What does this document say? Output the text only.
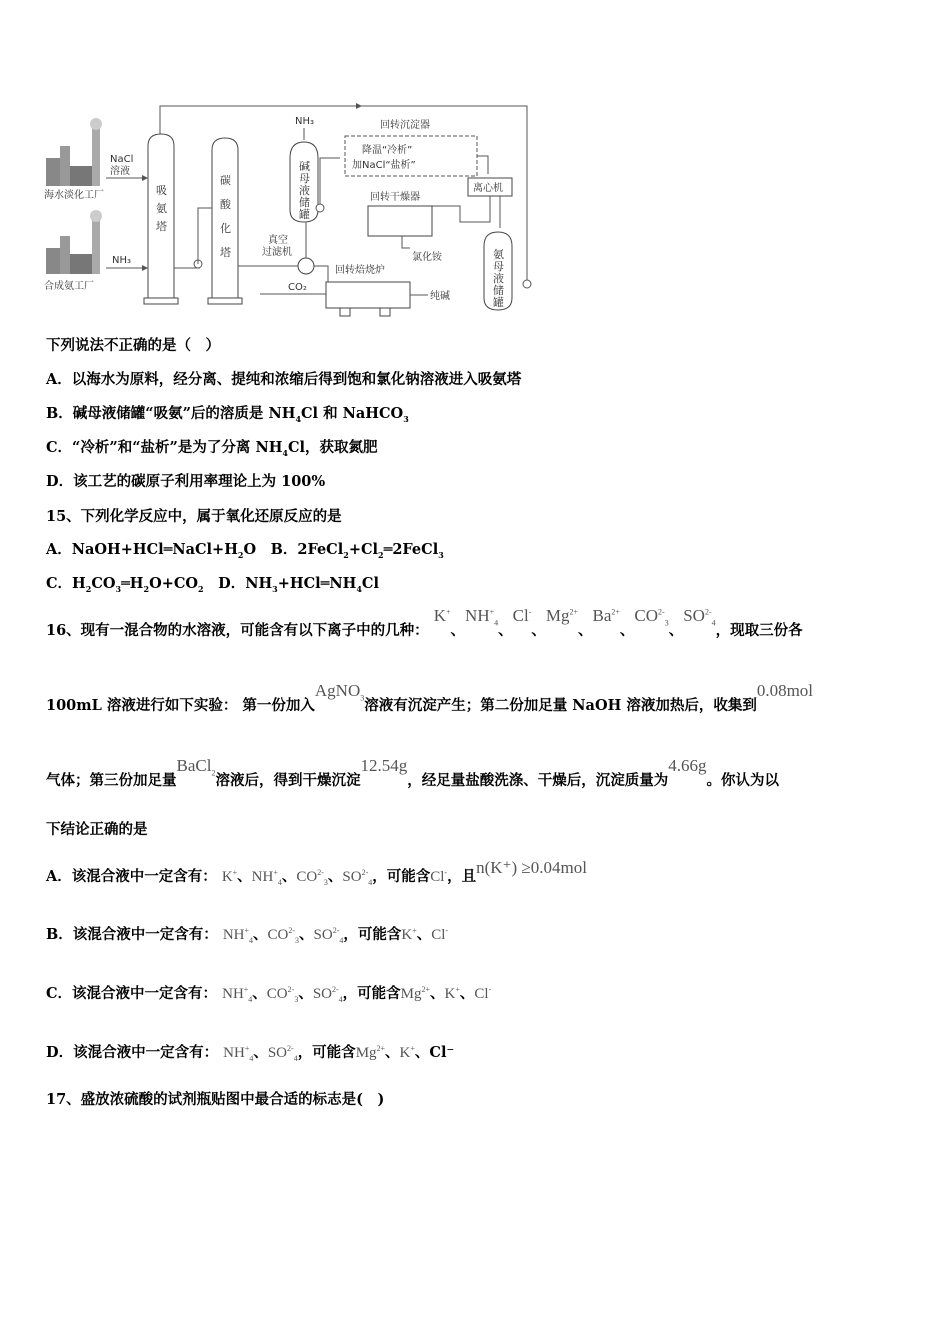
海水淡化工厂
合成氨工厂
NaCl
溶液
NH₃
吸
氨
塔
碳
酸
化
塔
NH₃
碱
母
液
储
罐
回转沉淀器
降温“冷析”
加NaCl“盐析”
离心机
回转干燥器
氯化铵	氨
母
液
储
罐
真空
过滤机
回转焙烧炉
纯碱
CO₂
下列说法不正确的是（　）
A．以海水为原料，经分离、提纯和浓缩后得到饱和氯化钠溶液进入吸氨塔
B．碱母液储罐“吸氨”后的溶质是 $NH_4Cl$ 和 NaHCO$_3$
C．“冷析”和“盐析”是为了分离 $NH_4Cl$，获取氮肥
D．该工艺的碳原子利用率理论上为 100%
15、下列化学反应中，属于氧化还原反应的是
A．$NaOH+HCl═NaCl+H_2O$　B．$2FeCl_2+Cl_2═2FeCl_3$
C．$H_2CO_3═H_2O+CO_2$　D．$NH_3+HCl═NH_4Cl$
16、现有一混合物的水溶液，可能含有以下离子中的几种： K+、$NH^+_4$、Cl-、$Mg^{2+}$、$Ba^{2+}$、$CO^{2-}_3$、$SO^{2-}_4$，现取三份各
100mL 溶液进行如下实验： 第一份加入AgNO$_3$溶液有沉淀产生；第二份加足量 NaOH 溶液加热后，收集到0.08mol
气体；第三份加足量BaCl$_2$溶液后，得到干燥沉淀12.54g，经足量盐酸洗涤、干燥后，沉淀质量为4.66g。你认为以
下结论正确的是
A．该混合液中一定含有： K+、$NH^+_4$、$CO^{2-}_3$、$SO^{2-}_4$，可能含Cl-，且n(K⁺) ≥0.04mol
B．该混合液中一定含有： $NH^+_4$、$CO^{2-}_3$、$SO^{2-}_4$，可能含K+、Cl-
C．该混合液中一定含有： $NH^+_4$、$CO^{2-}_3$、$SO^{2-}_4$，可能含$Mg^{2+}$、K+、Cl-
D．该混合液中一定含有： $NH^+_4$、$SO^{2-}_4$，可能含$Mg^{2+}$、K+、Cl⁻
17、盛放浓硫酸的试剂瓶贴图中最合适的标志是(　)
